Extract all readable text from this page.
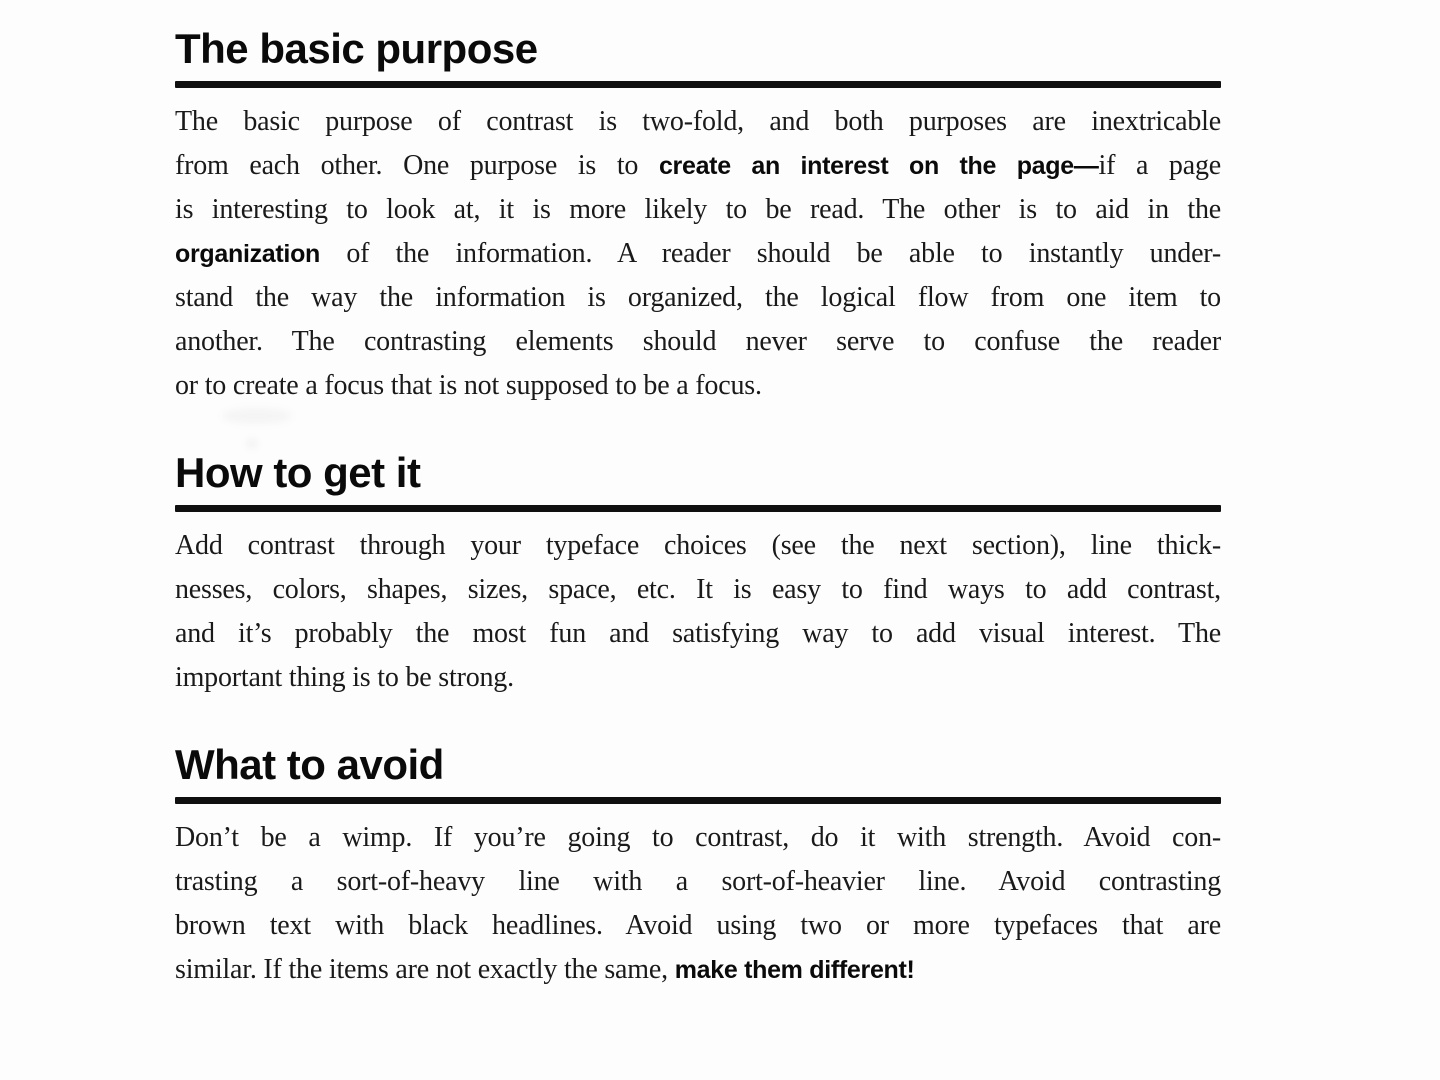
The basic purpose
The basic purpose of contrast is two-fold, and both purposes are inextricable
from each other. One purpose is to create an interest on the page—if a page
is interesting to look at, it is more likely to be read. The other is to aid in the
organization of the information. A reader should be able to instantly under-
stand the way the information is organized, the logical flow from one item to
another. The contrasting elements should never serve to confuse the reader
or to create a focus that is not supposed to be a focus.
How to get it
Add contrast through your typeface choices (see the next section), line thick-
nesses, colors, shapes, sizes, space, etc. It is easy to find ways to add contrast,
and it’s probably the most fun and satisfying way to add visual interest. The
important thing is to be strong.
What to avoid
Don’t be a wimp. If you’re going to contrast, do it with strength. Avoid con-
trasting a sort-of-heavy line with a sort-of-heavier line. Avoid contrasting
brown text with black headlines. Avoid using two or more typefaces that are
similar. If the items are not exactly the same, make them different!
